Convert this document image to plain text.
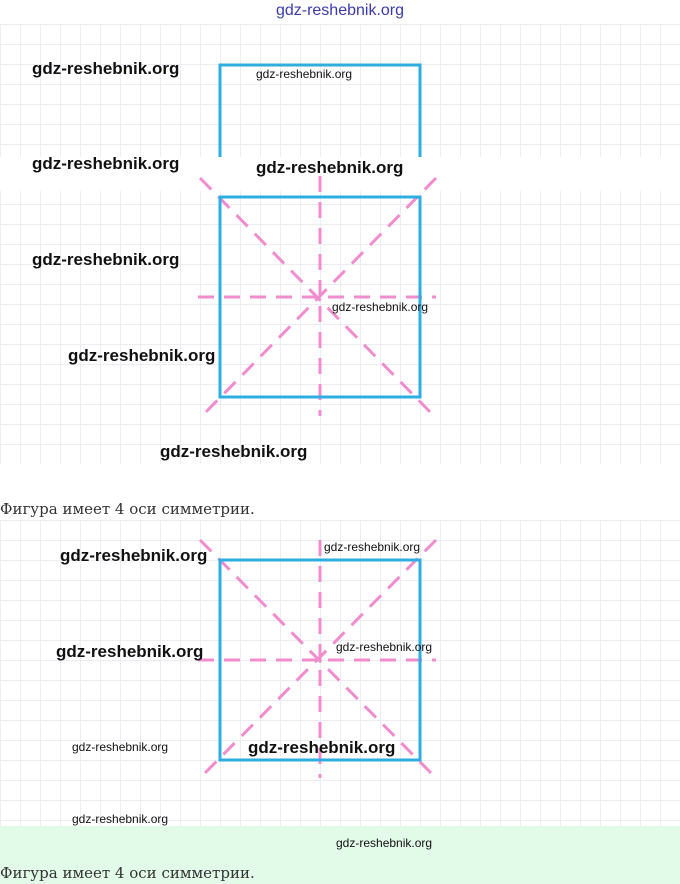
gdz-reshebnik.org
gdz-reshebnik.org	gdz-reshebnik.org
gdz-reshebnik.org	gdz-reshebnik.org
gdz-reshebnik.org
gdz-reshebnik.org
gdz-reshebnik.org
gdz-reshebnik.org
Фигура имеет 4 оси симметрии.
gdz-reshebnik.org	gdz-reshebnik.org
gdz-reshebnik.org	gdz-reshebnik.org
gdz-reshebnik.org	gdz-reshebnik.org
gdz-reshebnik.org
gdz-reshebnik.org
Фигура имеет 4 оси симметрии.
